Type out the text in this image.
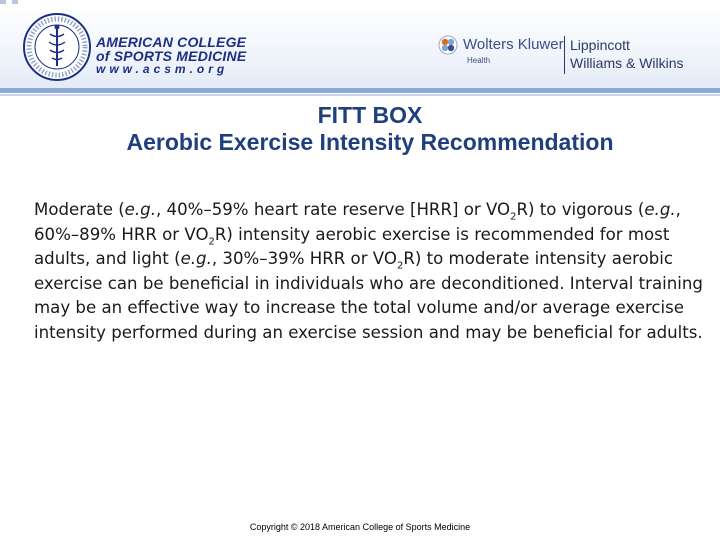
AMERICAN COLLEGE
of SPORTS MEDICINE
www.acsm.org
Wolters Kluwer
Health
Lippincott
Williams & Wilkins
FITT BOX
Aerobic Exercise Intensity Recommendation
Moderate (e.g., 40%–59% heart rate reserve [HRR] or $VO_2R$) to vigorous (e.g., 60%–89% HRR or $VO_2R$) intensity aerobic exercise is recommended for most adults, and light (e.g., 30%–39% HRR or $VO_2R$) to moderate intensity aerobic exercise can be beneficial in individuals who are deconditioned. Interval training may be an effective way to increase the total volume and/or average exercise intensity performed during an exercise session and may be beneficial for adults.
Copyright © 2018 American College of Sports Medicine
